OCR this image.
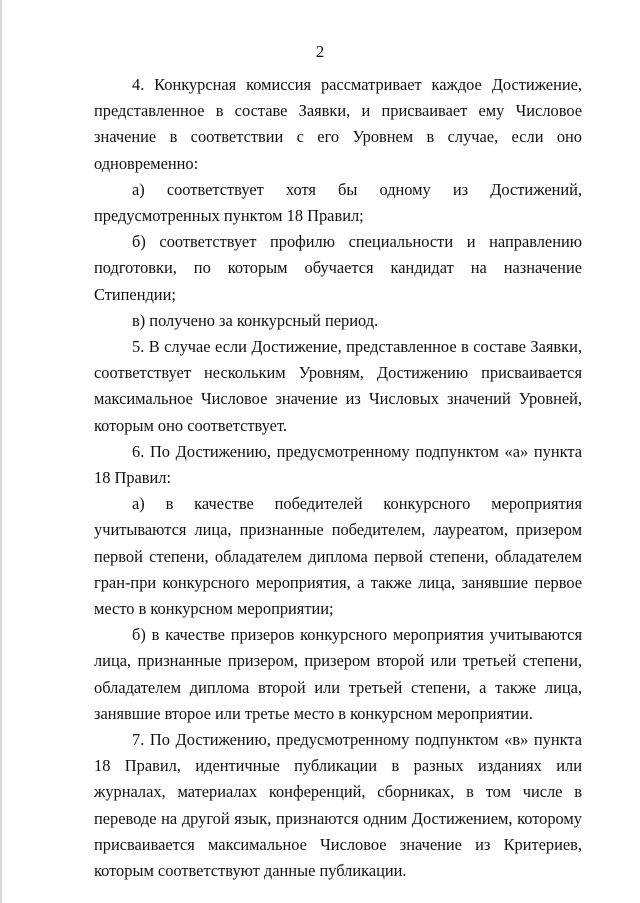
2

4. Конкурсная комиссия рассматривает каждое Достижение, представленное в составе Заявки, и присваивает ему Числовое значение в соответствии с его Уровнем в случае, если оно одновременно:

а) соответствует хотя бы одному из Достижений, предусмотренных пунктом 18 Правил;

б) соответствует профилю специальности и направлению подготовки, по которым обучается кандидат на назначение Стипендии;

в) получено за конкурсный период.

5. В случае если Достижение, представленное в составе Заявки, соответствует нескольким Уровням, Достижению присваивается максимальное Числовое значение из Числовых значений Уровней, которым оно соответствует.

6. По Достижению, предусмотренному подпунктом «а» пункта 18 Правил:

а) в качестве победителей конкурсного мероприятия учитываются лица, признанные победителем, лауреатом, призером первой степени, обладателем диплома первой степени, обладателем гран-при конкурсного мероприятия, а также лица, занявшие первое место в конкурсном мероприятии;

б) в качестве призеров конкурсного мероприятия учитываются лица, признанные призером, призером второй или третьей степени, обладателем диплома второй или третьей степени, а также лица, занявшие второе или третье место в конкурсном мероприятии.

7. По Достижению, предусмотренному подпунктом «в» пункта 18 Правил, идентичные публикации в разных изданиях или журналах, материалах конференций, сборниках, в том числе в переводе на другой язык, признаются одним Достижением, которому присваивается максимальное Числовое значение из Критериев, которым соответствуют данные публикации.
